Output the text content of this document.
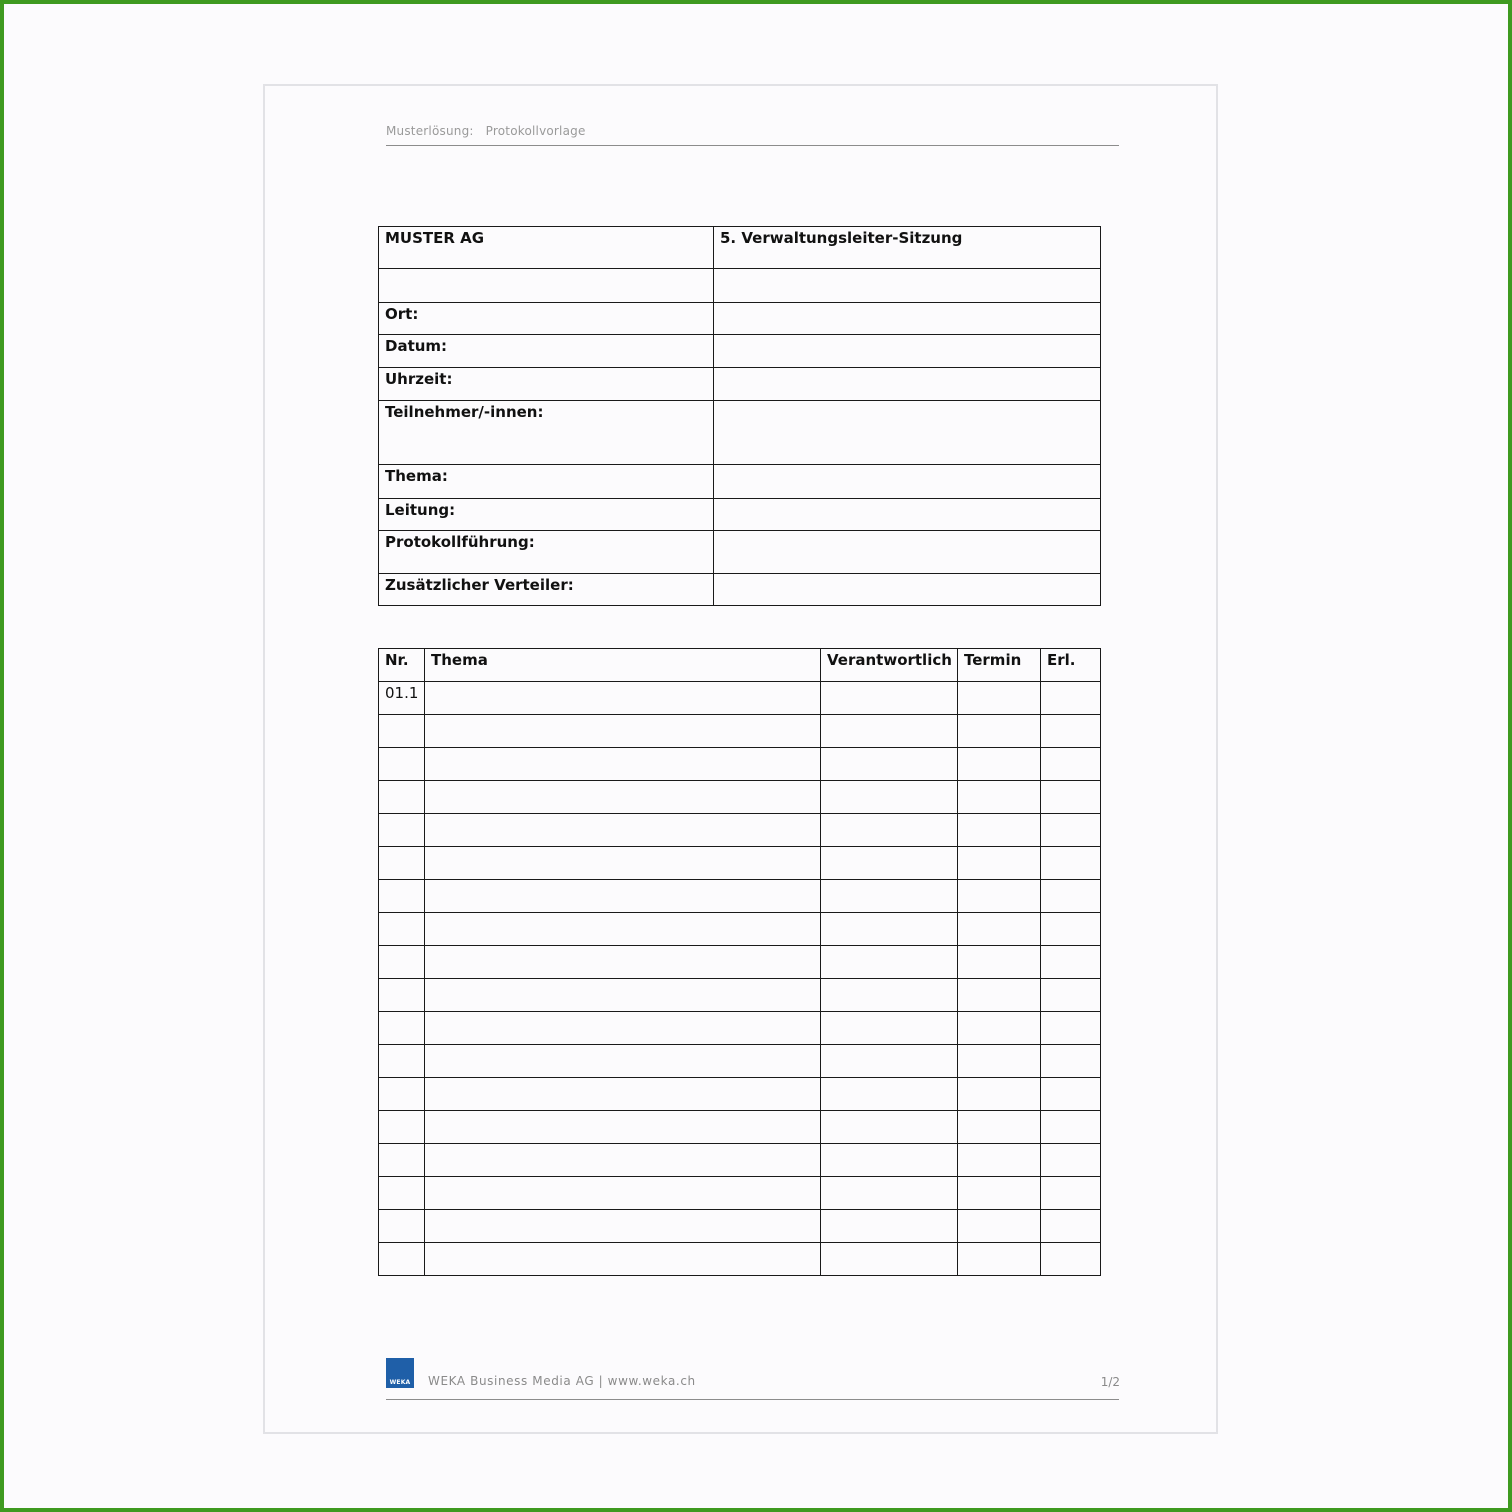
Musterlösung: Protokollvorlage
MUSTER AG	5. Verwaltungsleiter-Sitzung

Ort:	
Datum:	
Uhrzeit:	
Teilnehmer/-innen:	
Thema:	
Leitung:	
Protokollführung:	
Zusätzlicher Verteiler:	
Nr.	Thema	Verantwortlich	Termin	Erl.
01.1				

WEKA WEKA Business Media AG | www.weka.ch	1/2
